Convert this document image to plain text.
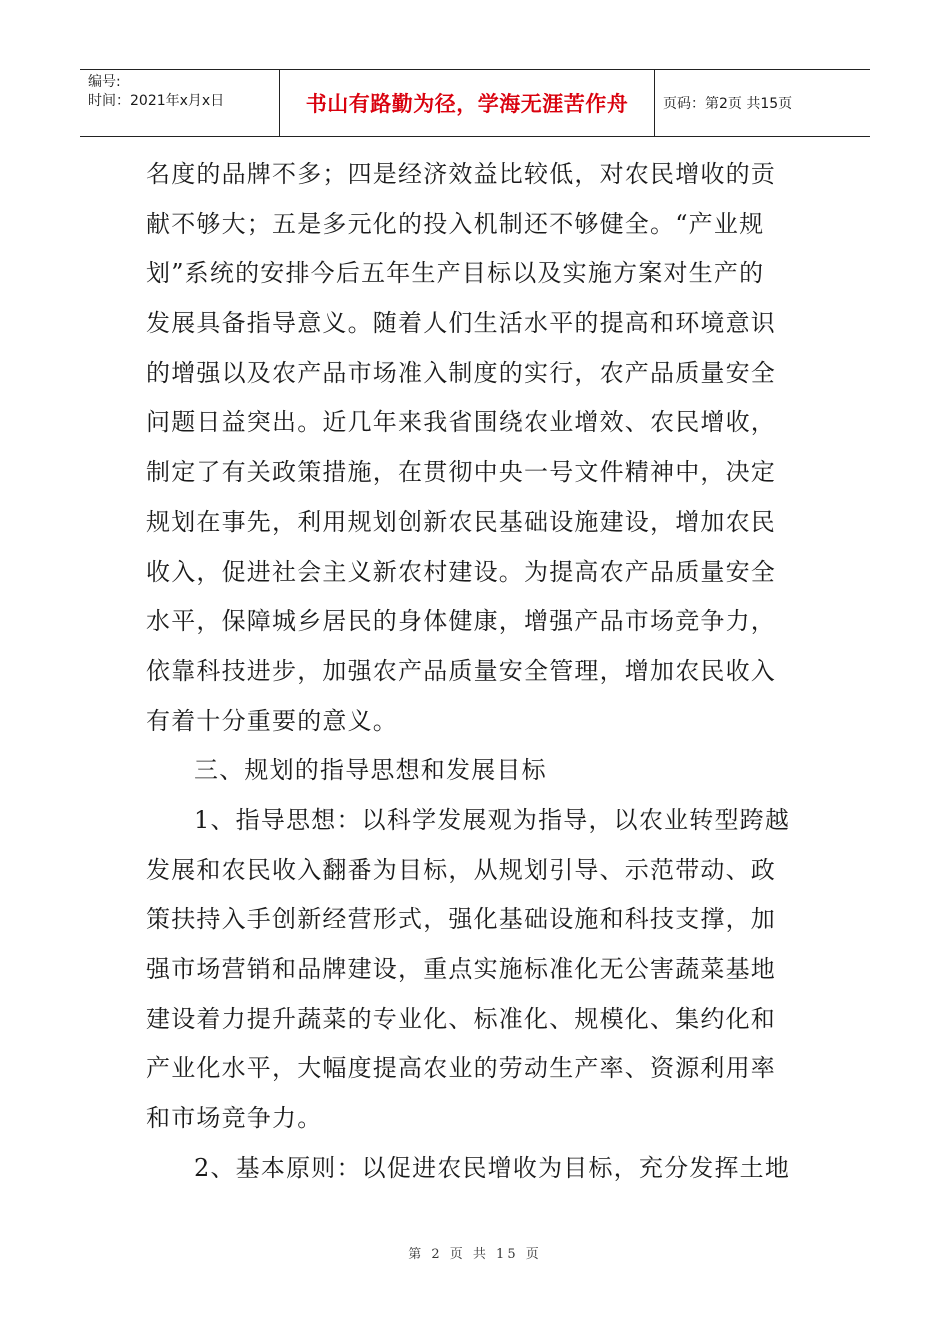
编号:
时间：2021年x月x日	书山有路勤为径，学海无涯苦作舟	页码：第2页 共15页
名度的品牌不多；四是经济效益比较低，对农民增收的贡
献不够大；五是多元化的投入机制还不够健全。“产业规
划”系统的安排今后五年生产目标以及实施方案对生产的
发展具备指导意义。随着人们生活水平的提高和环境意识
的增强以及农产品市场准入制度的实行，农产品质量安全
问题日益突出。近几年来我省围绕农业增效、农民增收，
制定了有关政策措施，在贯彻中央一号文件精神中，决定
规划在事先，利用规划创新农民基础设施建设，增加农民
收入，促进社会主义新农村建设。为提高农产品质量安全
水平，保障城乡居民的身体健康，增强产品市场竞争力，
依靠科技进步，加强农产品质量安全管理，增加农民收入
有着十分重要的意义。
三、规划的指导思想和发展目标
1、指导思想：以科学发展观为指导，以农业转型跨越
发展和农民收入翻番为目标，从规划引导、示范带动、政
策扶持入手创新经营形式，强化基础设施和科技支撑，加
强市场营销和品牌建设，重点实施标准化无公害蔬菜基地
建设着力提升蔬菜的专业化、标准化、规模化、集约化和
产业化水平，大幅度提高农业的劳动生产率、资源利用率
和市场竞争力。
2、基本原则：以促进农民增收为目标，充分发挥土地
第 2 页 共 15 页
